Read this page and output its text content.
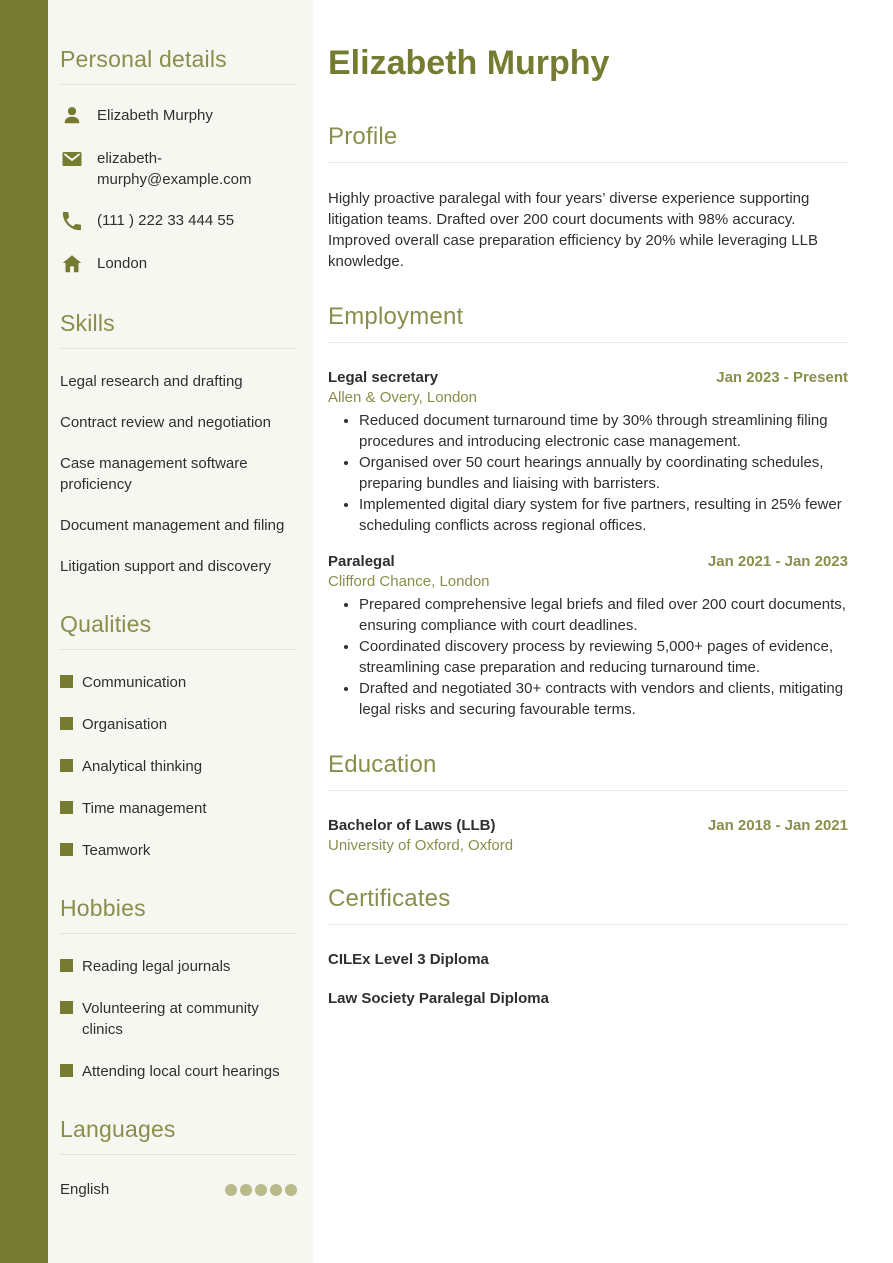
Personal details
Elizabeth Murphy
elizabeth-murphy@example.com
(111 ) 222 33 444 55
London
Skills
Legal research and drafting
Contract review and negotiation
Case management software proficiency
Document management and filing
Litigation support and discovery
Qualities
Communication
Organisation
Analytical thinking
Time management
Teamwork
Hobbies
Reading legal journals
Volunteering at community clinics
Attending local court hearings
Languages
English
Elizabeth Murphy
Profile

Highly proactive paralegal with four years’ diverse experience supporting litigation teams. Drafted over 200 court documents with 98% accuracy. Improved overall case preparation efficiency by 20% while leveraging LLB knowledge.

Employment
Legal secretary	Jan 2023 - Present
Allen & Overy, London
• Reduced document turnaround time by 30% through streamlining filing procedures and introducing electronic case management.
• Organised over 50 court hearings annually by coordinating schedules, preparing bundles and liaising with barristers.
• Implemented digital diary system for five partners, resulting in 25% fewer scheduling conflicts across regional offices.
Paralegal	Jan 2021 - Jan 2023
Clifford Chance, London
• Prepared comprehensive legal briefs and filed over 200 court documents, ensuring compliance with court deadlines.
• Coordinated discovery process by reviewing 5,000+ pages of evidence, streamlining case preparation and reducing turnaround time.
• Drafted and negotiated 30+ contracts with vendors and clients, mitigating legal risks and securing favourable terms.
Education
Bachelor of Laws (LLB)	Jan 2018 - Jan 2021
University of Oxford, Oxford
Certificates

CILEx Level 3 Diploma

Law Society Paralegal Diploma
